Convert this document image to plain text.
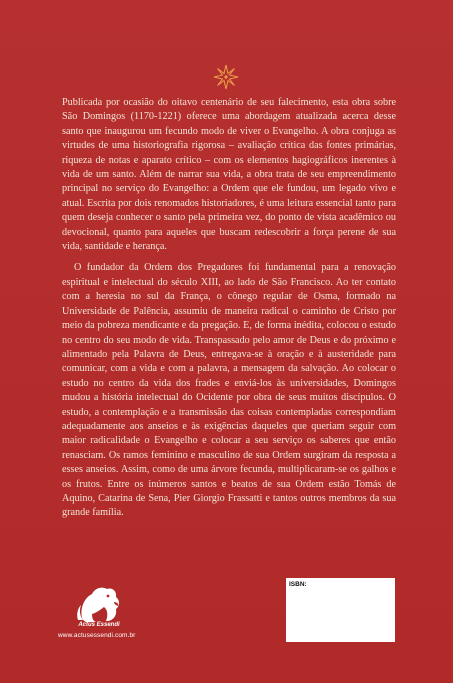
Publicada por ocasião do oitavo centenário de seu falecimento, esta obra sobre São Domingos (1170-1221) oferece uma abordagem atualizada acerca desse santo que inaugurou um fecundo modo de viver o Evangelho. A obra conjuga as virtudes de uma historiografia rigorosa – avaliação crítica das fontes primárias, riqueza de notas e aparato crítico – com os elementos hagiográficos inerentes à vida de um santo. Além de narrar sua vida, a obra trata de seu empreendimento principal no serviço do Evangelho: a Ordem que ele fundou, um legado vivo e atual. Escrita por dois renomados historiadores, é uma leitura essencial tanto para quem deseja conhecer o santo pela primeira vez, do ponto de vista acadêmico ou devocional, quanto para aqueles que buscam redescobrir a força perene de sua vida, santidade e herança.

O fundador da Ordem dos Pregadores foi fundamental para a renovação espiritual e intelectual do século XIII, ao lado de São Francisco. Ao ter contato com a heresia no sul da França, o cônego regular de Osma, formado na Universidade de Palência, assumiu de maneira radical o caminho de Cristo por meio da pobreza mendicante e da pregação. E, de forma inédita, colocou o estudo no centro do seu modo de vida. Transpassado pelo amor de Deus e do próximo e alimentado pela Palavra de Deus, entregava-se à oração e à austeridade para comunicar, com a vida e com a palavra, a mensagem da salvação. Ao colocar o estudo no centro da vida dos frades e enviá-los às universidades, Domingos mudou a história intelectual do Ocidente por obra de seus muitos discípulos. O estudo, a contemplação e a transmissão das coisas contempladas correspondiam adequadamente aos anseios e às exigências daqueles que queriam seguir com maior radicalidade o Evangelho e colocar a seu serviço os saberes que então renasciam. Os ramos feminino e masculino de sua Ordem surgiram da resposta a esses anseios. Assim, como de uma árvore fecunda, multiplicaram-se os galhos e os frutos. Entre os inúmeros santos e beatos de sua Ordem estão Tomás de Aquino, Catarina de Sena, Pier Giorgio Frassatti e tantos outros membros da sua grande família.

Actus Essendi
www.actusessendi.com.br
ISBN:
